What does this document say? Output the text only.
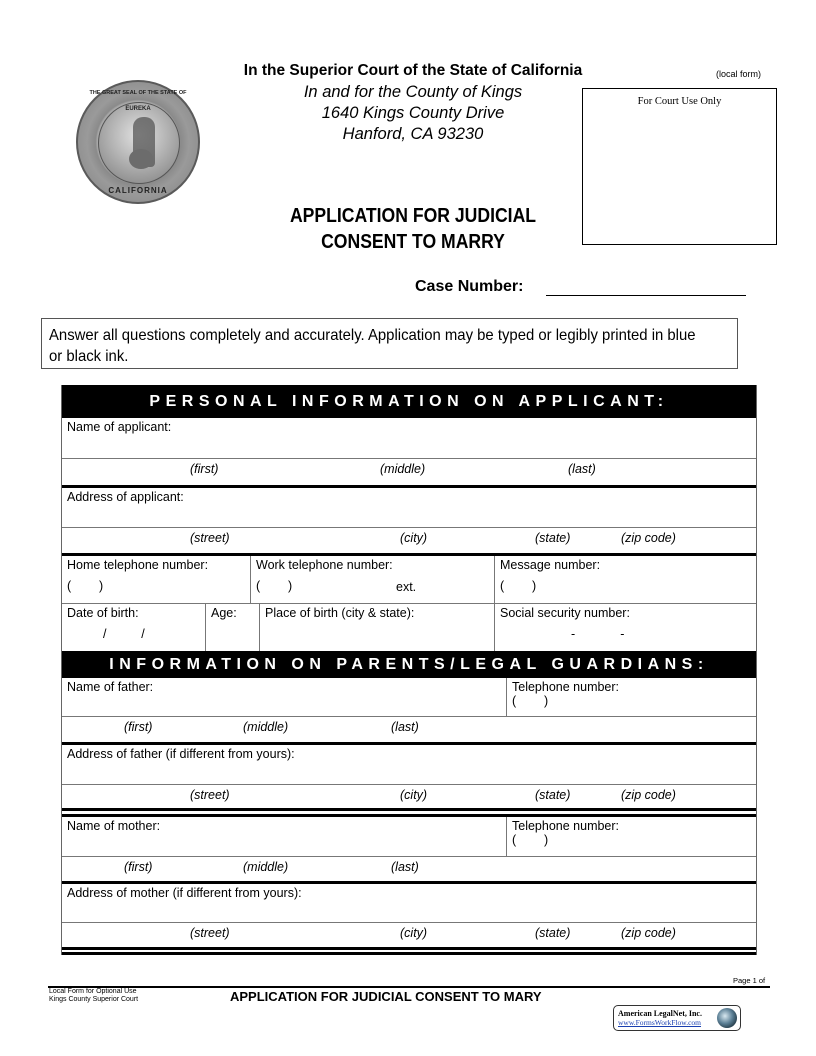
THE GREAT SEAL OF THE STATE OF
EUREKA
CALIFORNIA
In the Superior Court of the State of California
In and for the County of Kings
1640 Kings County Drive
Hanford, CA 93230
(local form)
For Court Use Only
APPLICATION FOR JUDICIAL
CONSENT TO MARRY
Case Number:
Answer all questions completely and accurately. Application may be typed or legibly printed in blue
or black ink.
PERSONAL INFORMATION ON APPLICANT:
Name of applicant:
(first)	(middle)	(last)
Address of applicant:
(street)	(city)	(state)	(zip code)
Home telephone number:
(        )
Work telephone number:
(        )	ext.
Message number:
(        )
Date of birth:
/          /
Age:	Place of birth (city & state):	Social security number:
-             -
INFORMATION ON PARENTS/LEGAL GUARDIANS:
Name of father:	Telephone number:
(        )
(first)	(middle)	(last)
Address of father (if different from yours):
(street)	(city)	(state)	(zip code)
Name of mother:	Telephone number:
(        )
(first)	(middle)	(last)
Address of mother (if different from yours):
(street)	(city)	(state)	(zip code)
Page 1 of
Local Form for Optional Use
Kings County Superior Court	APPLICATION FOR JUDICIAL CONSENT TO MARY
American LegalNet, Inc.
www.FormsWorkFlow.com
